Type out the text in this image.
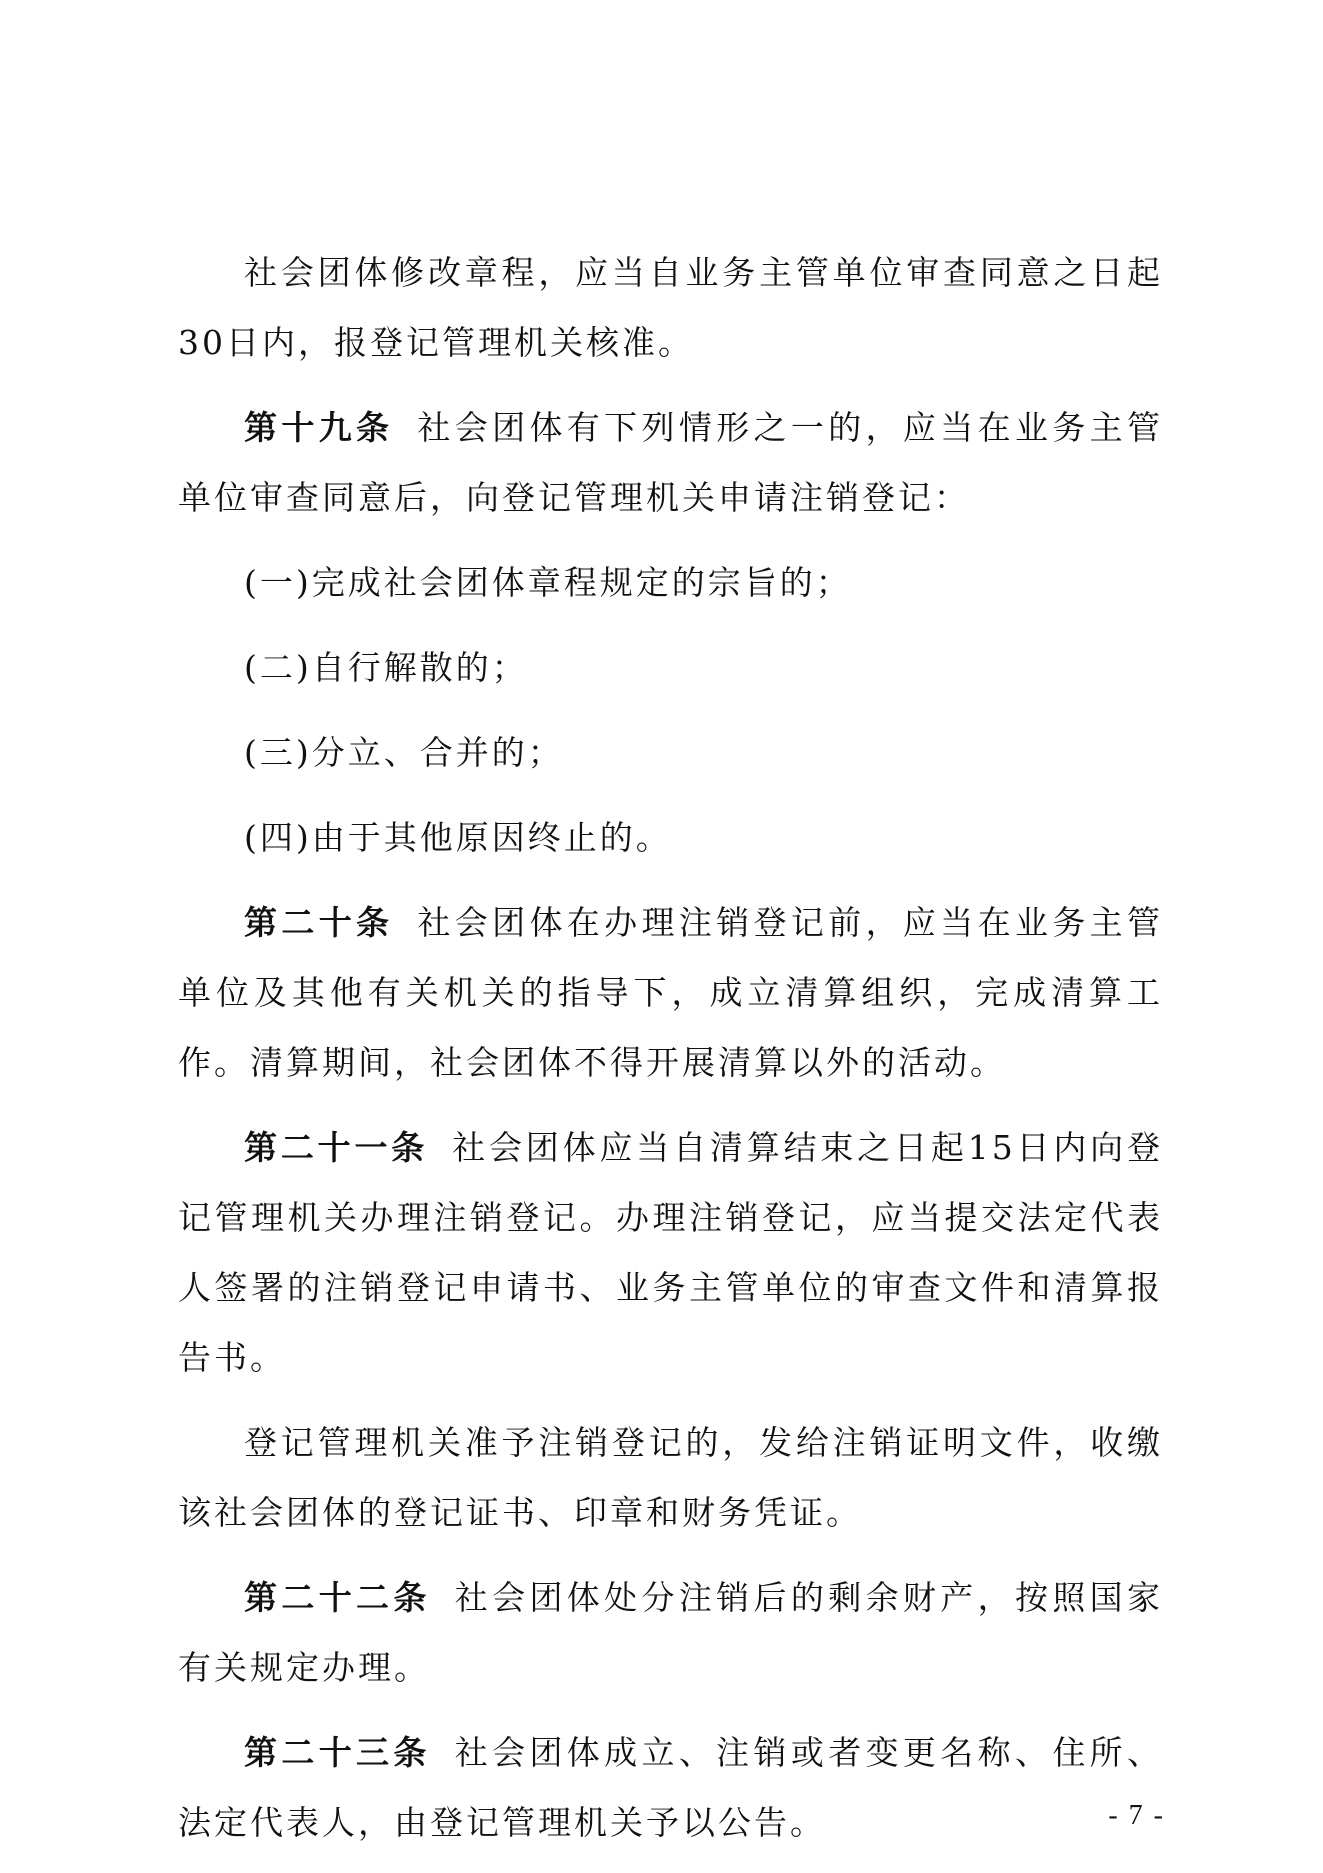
社会团体修改章程，应当自业务主管单位审查同意之日起30日内，报登记管理机关核准。

第十九条 社会团体有下列情形之一的，应当在业务主管单位审查同意后，向登记管理机关申请注销登记：

(一)完成社会团体章程规定的宗旨的；

(二)自行解散的；

(三)分立、合并的；

(四)由于其他原因终止的。

第二十条 社会团体在办理注销登记前，应当在业务主管单位及其他有关机关的指导下，成立清算组织，完成清算工作。清算期间，社会团体不得开展清算以外的活动。

第二十一条 社会团体应当自清算结束之日起15日内向登记管理机关办理注销登记。办理注销登记，应当提交法定代表人签署的注销登记申请书、业务主管单位的审查文件和清算报告书。

登记管理机关准予注销登记的，发给注销证明文件，收缴该社会团体的登记证书、印章和财务凭证。

第二十二条 社会团体处分注销后的剩余财产，按照国家有关规定办理。

第二十三条 社会团体成立、注销或者变更名称、住所、法定代表人，由登记管理机关予以公告。	- 7 -
